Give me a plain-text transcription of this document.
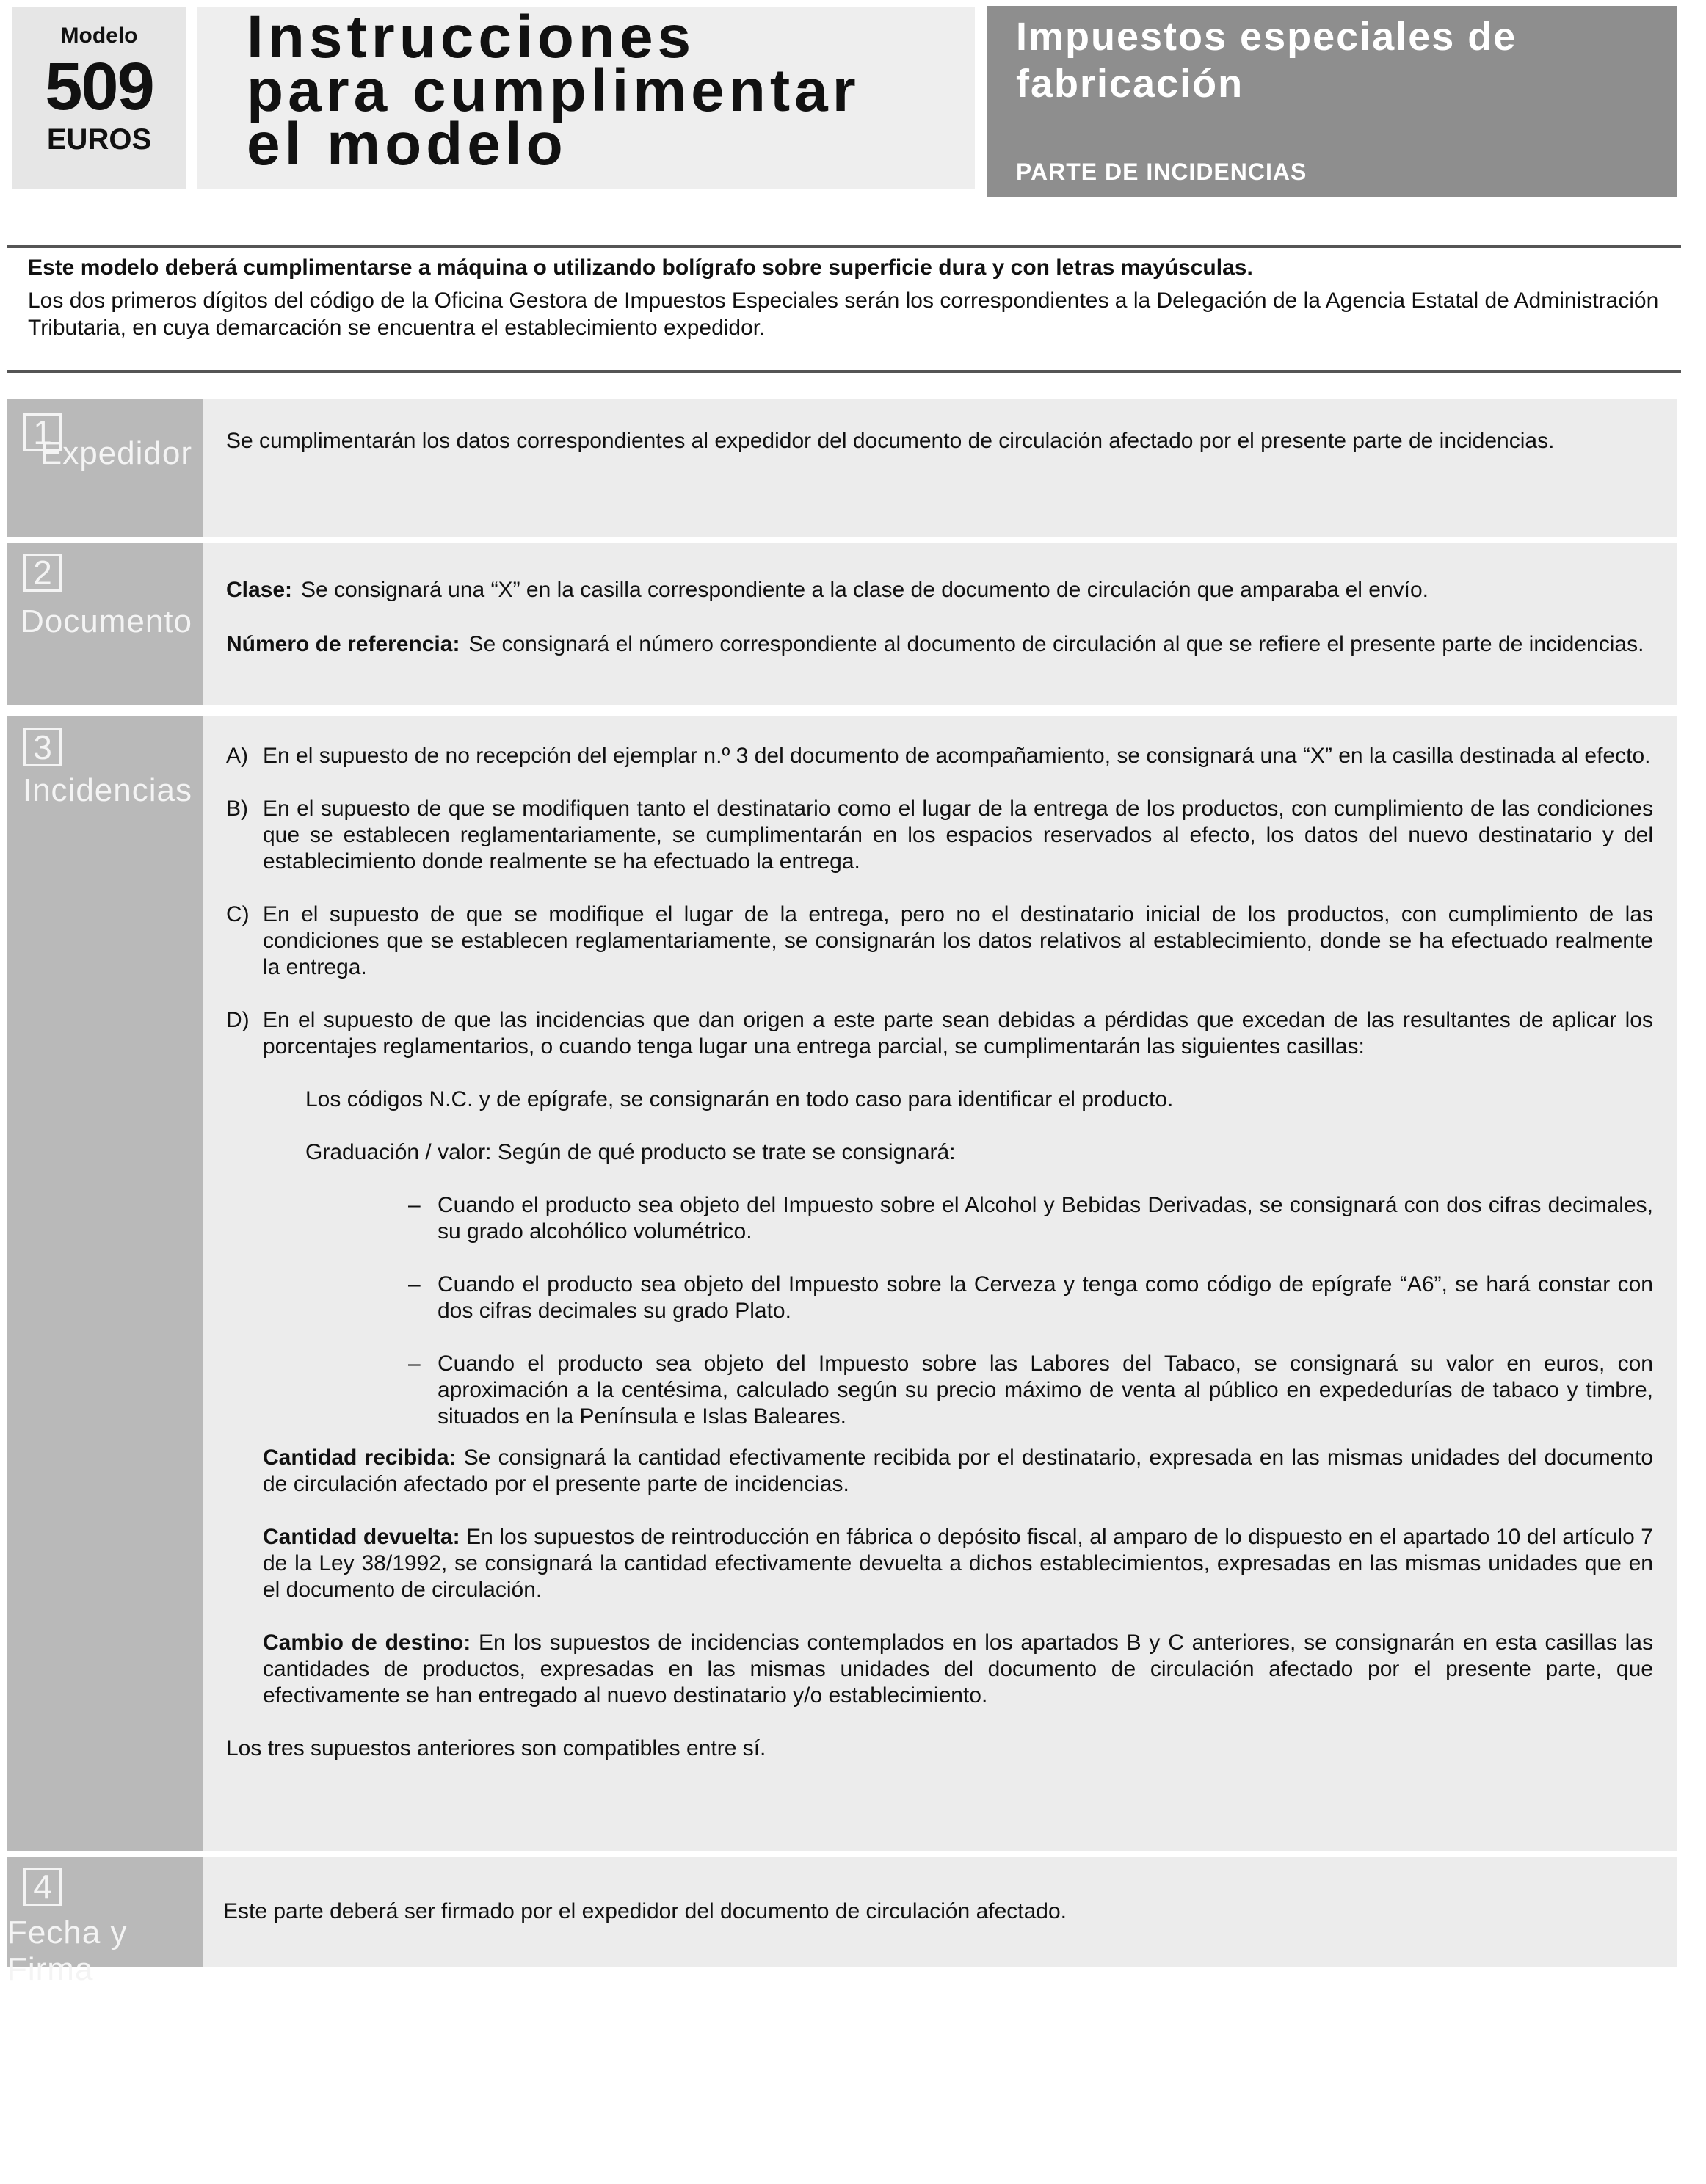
Modelo
509
EUROS
Instrucciones
para cumplimentar
el modelo
Impuestos especiales de fabricación
PARTE DE INCIDENCIAS

Este modelo deberá cumplimentarse a máquina o utilizando bolígrafo sobre superficie dura y con letras mayúsculas.

Los dos primeros dígitos del código de la Oficina Gestora de Impuestos Especiales serán los correspondientes a la Delegación de la Agencia Estatal de Administración Tributaria, en cuya demarcación se encuentra el establecimiento expedidor.

1
Expedidor Se cumplimentarán los datos correspondientes al expedidor del documento de circulación afectado por el presente parte de incidencias.

2
Documento
Clase: Se consignará una “X” en la casilla correspondiente a la clase de documento de circulación que amparaba el envío.
Número de referencia: Se consignará el número correspondiente al documento de circulación al que se refiere el presente parte de incidencias.
3
Incidencias
A) En el supuesto de no recepción del ejemplar n.º 3 del documento de acompañamiento, se consignará una “X” en la casilla destinada al efecto.
B) En el supuesto de que se modifiquen tanto el destinatario como el lugar de la entrega de los productos, con cumplimiento de las condiciones que se establecen reglamentariamente, se cumplimentarán en los espacios reservados al efecto, los datos del nuevo destinatario y del establecimiento donde realmente se ha efectuado la entrega.
C) En el supuesto de que se modifique el lugar de la entrega, pero no el destinatario inicial de los productos, con cumplimiento de las condiciones que se establecen reglamentariamente, se consignarán los datos relativos al establecimiento, donde se ha efectuado realmente la entrega.
D) En el supuesto de que las incidencias que dan origen a este parte sean debidas a pérdidas que excedan de las resultantes de aplicar los porcentajes reglamentarios, o cuando tenga lugar una entrega parcial, se cumplimentarán las siguientes casillas:
Los códigos N.C. y de epígrafe, se consignarán en todo caso para identificar el producto.
Graduación / valor: Según de qué producto se trate se consignará:
– Cuando el producto sea objeto del Impuesto sobre el Alcohol y Bebidas Derivadas, se consignará con dos cifras decimales, su grado alcohólico volumétrico.
– Cuando el producto sea objeto del Impuesto sobre la Cerveza y tenga como código de epígrafe “A6”, se hará constar con dos cifras decimales su grado Plato.
– Cuando el producto sea objeto del Impuesto sobre las Labores del Tabaco, se consignará su valor en euros, con aproximación a la centésima, calculado según su precio máximo de venta al público en expededurías de tabaco y timbre, situados en la Península e Islas Baleares.
Cantidad recibida: Se consignará la cantidad efectivamente recibida por el destinatario, expresada en las mismas unidades del documento de circulación afectado por el presente parte de incidencias.
Cantidad devuelta: En los supuestos de reintroducción en fábrica o depósito fiscal, al amparo de lo dispuesto en el apartado 10 del artículo 7 de la Ley 38/1992, se consignará la cantidad efectivamente devuelta a dichos establecimientos, expresadas en las mismas unidades que en el documento de circulación.
Cambio de destino: En los supuestos de incidencias contemplados en los apartados B y C anteriores, se consignarán en esta casillas las cantidades de productos, expresadas en las mismas unidades del documento de circulación afectado por el presente parte, que efectivamente se han entregado al nuevo destinatario y/o establecimiento.

Los tres supuestos anteriores son compatibles entre sí.

4
Fecha y Firma

Este parte deberá ser firmado por el expedidor del documento de circulación afectado.
